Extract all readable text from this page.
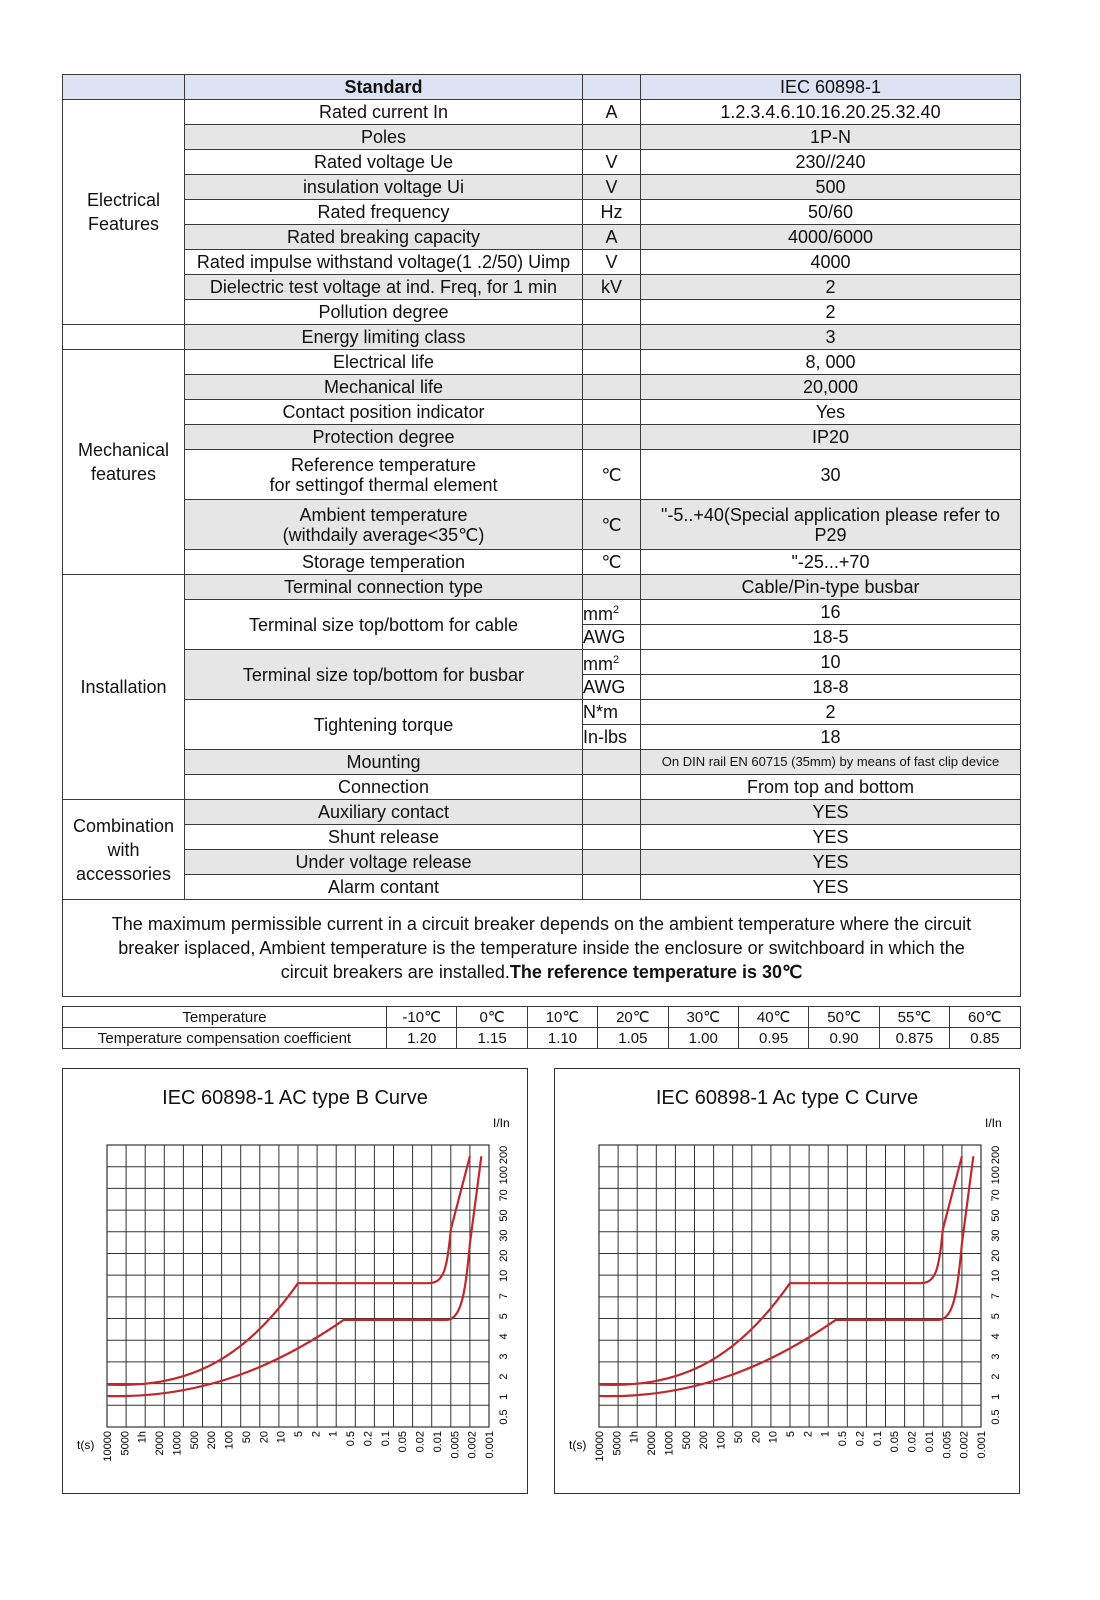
	Standard		IEC 60898-1
Electrical
Features	Rated current In	A	1.2.3.4.6.10.16.20.25.32.40
	Poles		1P-N
	Rated voltage Ue	V	230//240
	insulation voltage Ui	V	500
	Rated frequency	Hz	50/60
	Rated breaking capacity	A	4000/6000
	Rated impulse withstand voltage(1 .2/50) Uimp	V	4000
	Dielectric test voltage at ind. Freq, for 1 min	kV	2
	Pollution degree		2
	Energy limiting class		3
Mechanical
features	Electrical life		8, 000
	Mechanical life		20,000
	Contact position indicator		Yes
	Protection degree		IP20
	Reference temperature
for settingof thermal element	℃	30
	Ambient temperature
(withdaily average<35℃)	℃	"-5..+40(Special application please refer to
P29
	Storage temperation	℃	"-25...+70
Installation	Terminal connection type		Cable/Pin-type busbar
	Terminal size top/bottom for cable	$mm^2$	16
		AWG	18-5
	Terminal size top/bottom for busbar	$mm^2$	10
		AWG	18-8
	Tightening torque	N*m	2
		In-lbs	18
	Mounting		On DIN rail EN 60715 (35mm) by means of fast clip device
	Connection		From top and bottom
Combination
with
accessories	Auxiliary contact		YES
	Shunt release		YES
	Under voltage release		YES
	Alarm contant		YES
The maximum permissible current in a circuit breaker depends on the ambient temperature where the circuit breaker isplaced, Ambient temperature is the temperature inside the enclosure or switchboard in which the circuit breakers are installed.The reference temperature is 30℃			
Temperature	-10℃	0℃	10℃	20℃	30℃	40℃	50℃	55℃	60℃
Temperature compensation coefficient	1.20	1.15	1.10	1.05	1.00	0.95	0.90	0.875	0.85
IEC 60898-1 AC type B Curve
I/In
0.5
1
2
3
4
5
7
10
20
30
50
70
100
200
t(s) 10000 5000 1h 2000 1000 500 200 100 50 20 10 5 2 1 0.5 0.2 0.1 0.05 0.02 0.01 0.005 0.002 0.001
IEC 60898-1 Ac type C Curve
I/In
0.5
1
2
3
4
5
7
10
20
30
50
70
100
200
t(s) 10000 5000 1h 2000 1000 500 200 100 50 20 10 5 2 1 0.5 0.2 0.1 0.05 0.02 0.01 0.005 0.002 0.001
